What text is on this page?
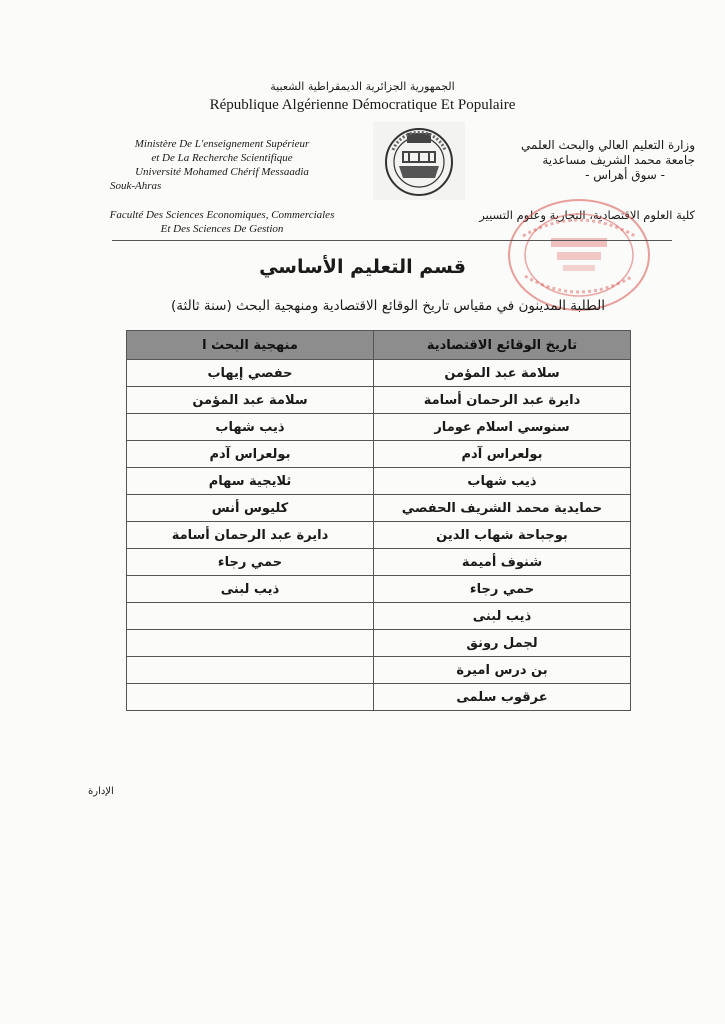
الجمهورية الجزائرية الديمقراطية الشعبية
République Algérienne Démocratique Et Populaire
Ministère De L'enseignement Supérieur
et De La Recherche Scientifique
Université Mohamed Chérif Messaadia
Souk-Ahras
Faculté Des Sciences Economiques, Commerciales
Et Des Sciences De Gestion
وزارة التعليم العالي والبحث العلمي
جامعة محمد الشريف مساعدية
- سوق أهراس -
كلية العلوم الاقتصادية، التجارية وعلوم التسيير
قسم التعليم الأساسي
الطلبة المدينون في مقياس تاريخ الوقائع الاقتصادية ومنهجية البحث (سنة ثالثة)
تاريخ الوقائع الاقتصادية	منهجية البحث ا
سلامة عبد المؤمن	حفصي إيهاب
دايرة عبد الرحمان أسامة	سلامة عبد المؤمن
سنوسي اسلام عومار	ذيب شهاب
بولعراس آدم	بولعراس آدم
ذيب شهاب	ثلايجية سهام
حمايدية محمد الشريف الحفصي	كليوس أنس
بوجباحة شهاب الدين	دايرة عبد الرحمان أسامة
شنوف أميمة	حمي رجاء
حمي رجاء	ذيب لبنى
ذيب لبنى	
لجمل رونق	
بن درس اميرة	
عرقوب سلمى	
الإدارة
